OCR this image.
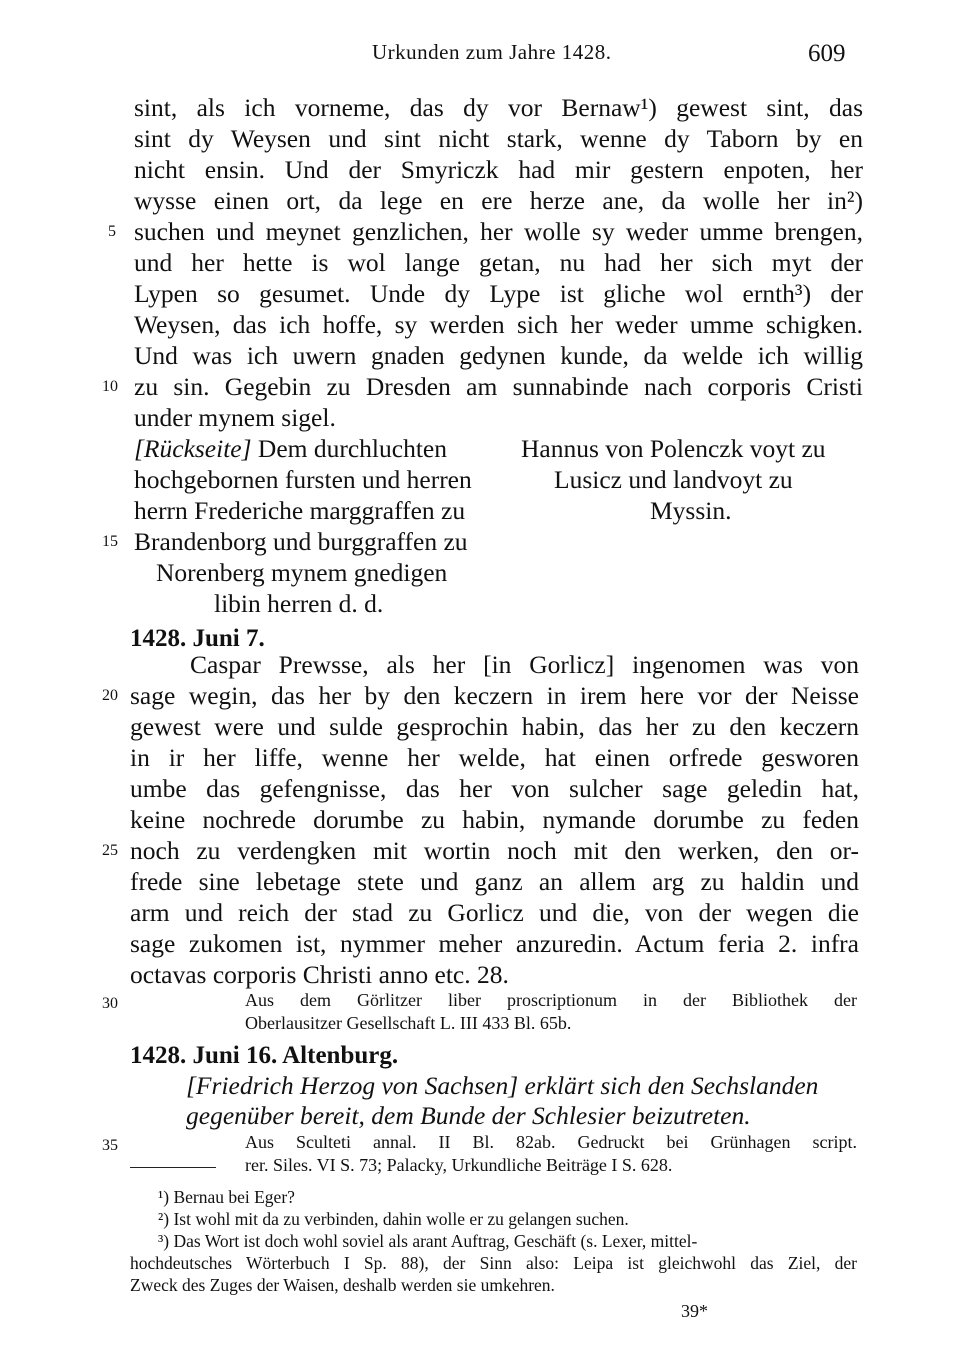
Urkunden zum Jahre 1428.	609
sint, als ich vorneme, das dy vor Bernaw¹) gewest sint, das
sint dy Weysen und sint nicht stark, wenne dy Taborn by en
nicht ensin. Und der Smyriczk had mir gestern enpoten, her
wysse einen ort, da lege en ere herze ane, da wolle her in²)
suchen und meynet genzlichen, her wolle sy weder umme brengen,
und her hette is wol lange getan, nu had her sich myt der
Lypen so gesumet. Unde dy Lype ist gliche wol ernth³) der
Weysen, das ich hoffe, sy werden sich her weder umme schigken.
Und was ich uwern gnaden gedynen kunde, da welde ich willig
zu sin. Gegebin zu Dresden am sunnabinde nach corporis Cristi
under mynem sigel.
[Rückseite] Dem durchluchten
hochgebornen fursten und herren
herrn Frederiche marggraffen zu
Brandenborg und burggraffen zu
Norenberg mynem gnedigen
libin herren d. d.
Hannus von Polenczk voyt zu
Lusicz und landvoyt zu
Myssin.
1428. Juni 7.
Caspar Prewsse, als her [in Gorlicz] ingenomen was von
sage wegin, das her by den keczern in irem here vor der Neisse
gewest were und sulde gesprochin habin, das her zu den keczern
in ir her liffe, wenne her welde, hat einen orfrede gesworen
umbe das gefengnisse, das her von sulcher sage geledin hat,
keine nochrede dorumbe zu habin, nymande dorumbe zu feden
noch zu verdengken mit wortin noch mit den werken, den or-
frede sine lebetage stete und ganz an allem arg zu haldin und
arm und reich der stad zu Gorlicz und die, von der wegen die
sage zukomen ist, nymmer meher anzuredin. Actum feria 2. infra
octavas corporis Christi anno etc. 28.
Aus dem Görlitzer liber proscriptionum in der Bibliothek der
Oberlausitzer Gesellschaft L. III 433 Bl. 65b.
1428. Juni 16. Altenburg.
[Friedrich Herzog von Sachsen] erklärt sich den Sechslanden
gegenüber bereit, dem Bunde der Schlesier beizutreten.
Aus Sculteti annal. II Bl. 82ab. Gedruckt bei Grünhagen script.
rer. Siles. VI S. 73; Palacky, Urkundliche Beiträge I S. 628.
¹) Bernau bei Eger?
²) Ist wohl mit da zu verbinden, dahin wolle er zu gelangen suchen.
³) Das Wort ist doch wohl soviel als arant Auftrag, Geschäft (s. Lexer, mittel-
hochdeutsches Wörterbuch I Sp. 88), der Sinn also: Leipa ist gleichwohl das Ziel, der
Zweck des Zuges der Waisen, deshalb werden sie umkehren.
5
10
15
20
25
30
35
39*
